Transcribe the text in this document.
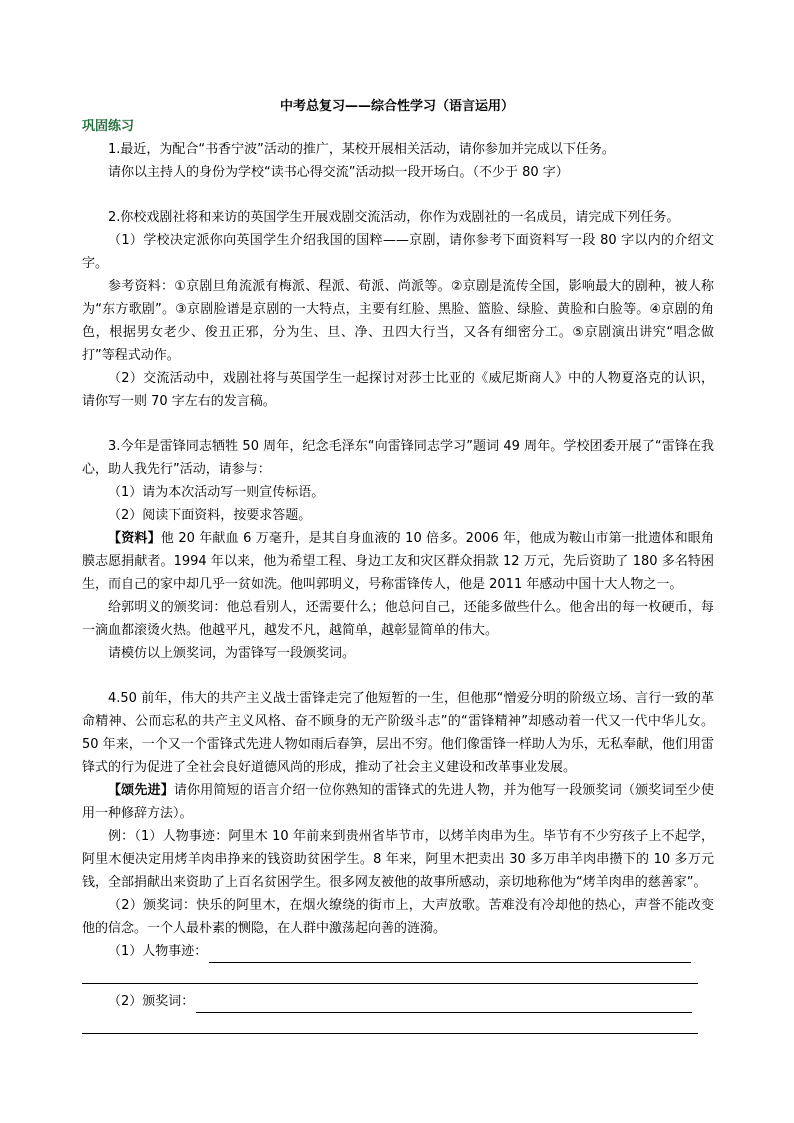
中考总复习——综合性学习（语言运用）
巩固练习

1.最近，为配合“书香宁波”活动的推广，某校开展相关活动，请你参加并完成以下任务。

请你以主持人的身份为学校“读书心得交流”活动拟一段开场白。（不少于 80 字）

2.你校戏剧社将和来访的英国学生开展戏剧交流活动，你作为戏剧社的一名成员，请完成下列任务。

（1）学校决定派你向英国学生介绍我国的国粹——京剧，请你参考下面资料写一段 80 字以内的介绍文字。

参考资料：①京剧旦角流派有梅派、程派、荀派、尚派等。②京剧是流传全国，影响最大的剧种，被人称为“东方歌剧”。③京剧脸谱是京剧的一大特点，主要有红脸、黑脸、篮脸、绿脸、黄脸和白脸等。④京剧的角色，根据男女老少、俊丑正邪，分为生、旦、净、丑四大行当，又各有细密分工。⑤京剧演出讲究“唱念做打”等程式动作。

（2）交流活动中，戏剧社将与英国学生一起探讨对莎士比亚的《威尼斯商人》中的人物夏洛克的认识，请你写一则 70 字左右的发言稿。

3.今年是雷锋同志牺牲 50 周年，纪念毛泽东“向雷锋同志学习”题词 49 周年。学校团委开展了“雷锋在我心，助人我先行”活动，请参与：

（1）请为本次活动写一则宣传标语。

（2）阅读下面资料，按要求答题。

【资料】他 20 年献血 6 万毫升，是其自身血液的 10 倍多。2006 年，他成为鞍山市第一批遗体和眼角膜志愿捐献者。1994 年以来，他为希望工程、身边工友和灾区群众捐款 12 万元，先后资助了 180 多名特困生，而自己的家中却几乎一贫如洗。他叫郭明义，号称雷锋传人，他是 2011 年感动中国十大人物之一。

给郭明义的颁奖词：他总看别人，还需要什么；他总问自己，还能多做些什么。他舍出的每一枚硬币，每一滴血都滚烫火热。他越平凡，越发不凡，越简单，越彰显简单的伟大。

请模仿以上颁奖词，为雷锋写一段颁奖词。

4.50 前年，伟大的共产主义战士雷锋走完了他短暂的一生，但他那“憎爱分明的阶级立场、言行一致的革命精神、公而忘私的共产主义风格、奋不顾身的无产阶级斗志”的“雷锋精神”却感动着一代又一代中华儿女。50 年来，一个又一个雷锋式先进人物如雨后春笋，层出不穷。他们像雷锋一样助人为乐，无私奉献，他们用雷锋式的行为促进了全社会良好道德风尚的形成，推动了社会主义建设和改革事业发展。

【颂先进】请你用简短的语言介绍一位你熟知的雷锋式的先进人物，并为他写一段颁奖词（颁奖词至少使用一种修辞方法）。

例：（1）人物事迹：阿里木 10 年前来到贵州省毕节市，以烤羊肉串为生。毕节有不少穷孩子上不起学，阿里木便决定用烤羊肉串挣来的钱资助贫困学生。8 年来，阿里木把卖出 30 多万串羊肉串攒下的 10 多万元钱，全部捐献出来资助了上百名贫困学生。很多网友被他的故事所感动，亲切地称他为“烤羊肉串的慈善家”。

（2）颁奖词：快乐的阿里木，在烟火缭绕的街市上，大声放歌。苦难没有冷却他的热心，声誉不能改变他的信念。一个人最朴素的恻隐，在人群中激荡起向善的涟漪。

（1）人物事迹：
（2）颁奖词：
